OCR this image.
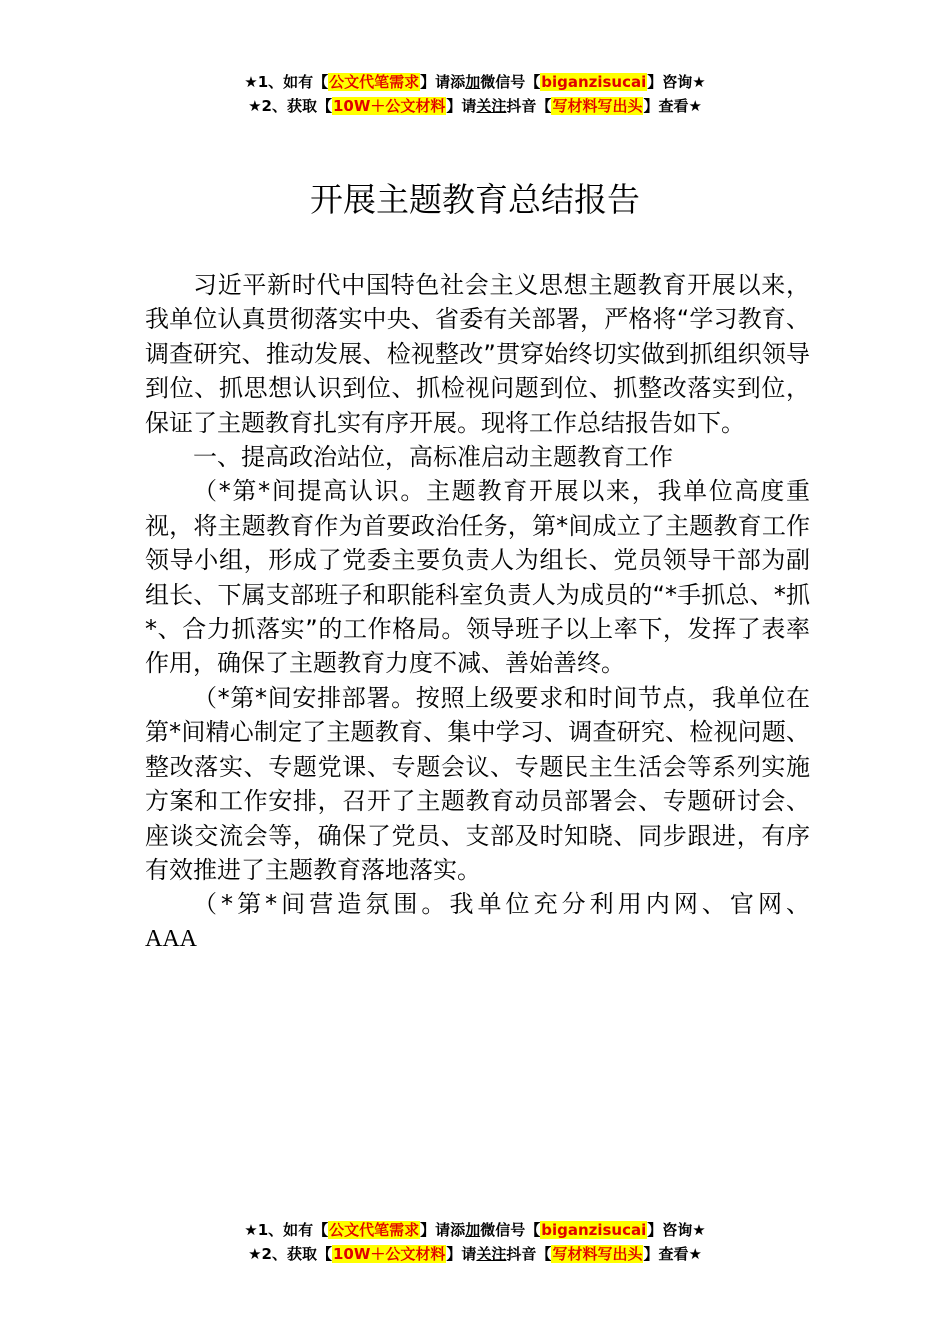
★1、如有【公文代笔需求】请添加微信号【biganzisucai】咨询★
★2、获取【10W＋公文材料】请关注抖音【写材料写出头】查看★
开展主题教育总结报告

习近平新时代中国特色社会主义思想主题教育开展以来，我单位认真贯彻落实中央、省委有关部署，严格将“学习教育、调查研究、推动发展、检视整改”贯穿始终切实做到抓组织领导到位、抓思想认识到位、抓检视问题到位、抓整改落实到位，保证了主题教育扎实有序开展。现将工作总结报告如下。

一、提高政治站位，高标准启动主题教育工作

（*第*间提高认识。主题教育开展以来，我单位高度重视，将主题教育作为首要政治任务，第*间成立了主题教育工作领导小组，形成了党委主要负责人为组长、党员领导干部为副组长、下属支部班子和职能科室负责人为成员的“*手抓总、*抓*、合力抓落实”的工作格局。领导班子以上率下，发挥了表率作用，确保了主题教育力度不减、善始善终。

（*第*间安排部署。按照上级要求和时间节点，我单位在第*间精心制定了主题教育、集中学习、调查研究、检视问题、整改落实、专题党课、专题会议、专题民主生活会等系列实施方案和工作安排，召开了主题教育动员部署会、专题研讨会、座谈交流会等，确保了党员、支部及时知晓、同步跟进，有序有效推进了主题教育落地落实。

（*第*间营造氛围。我单位充分利用内网、官网、

AAA

★1、如有【公文代笔需求】请添加微信号【biganzisucai】咨询★
★2、获取【10W＋公文材料】请关注抖音【写材料写出头】查看★
